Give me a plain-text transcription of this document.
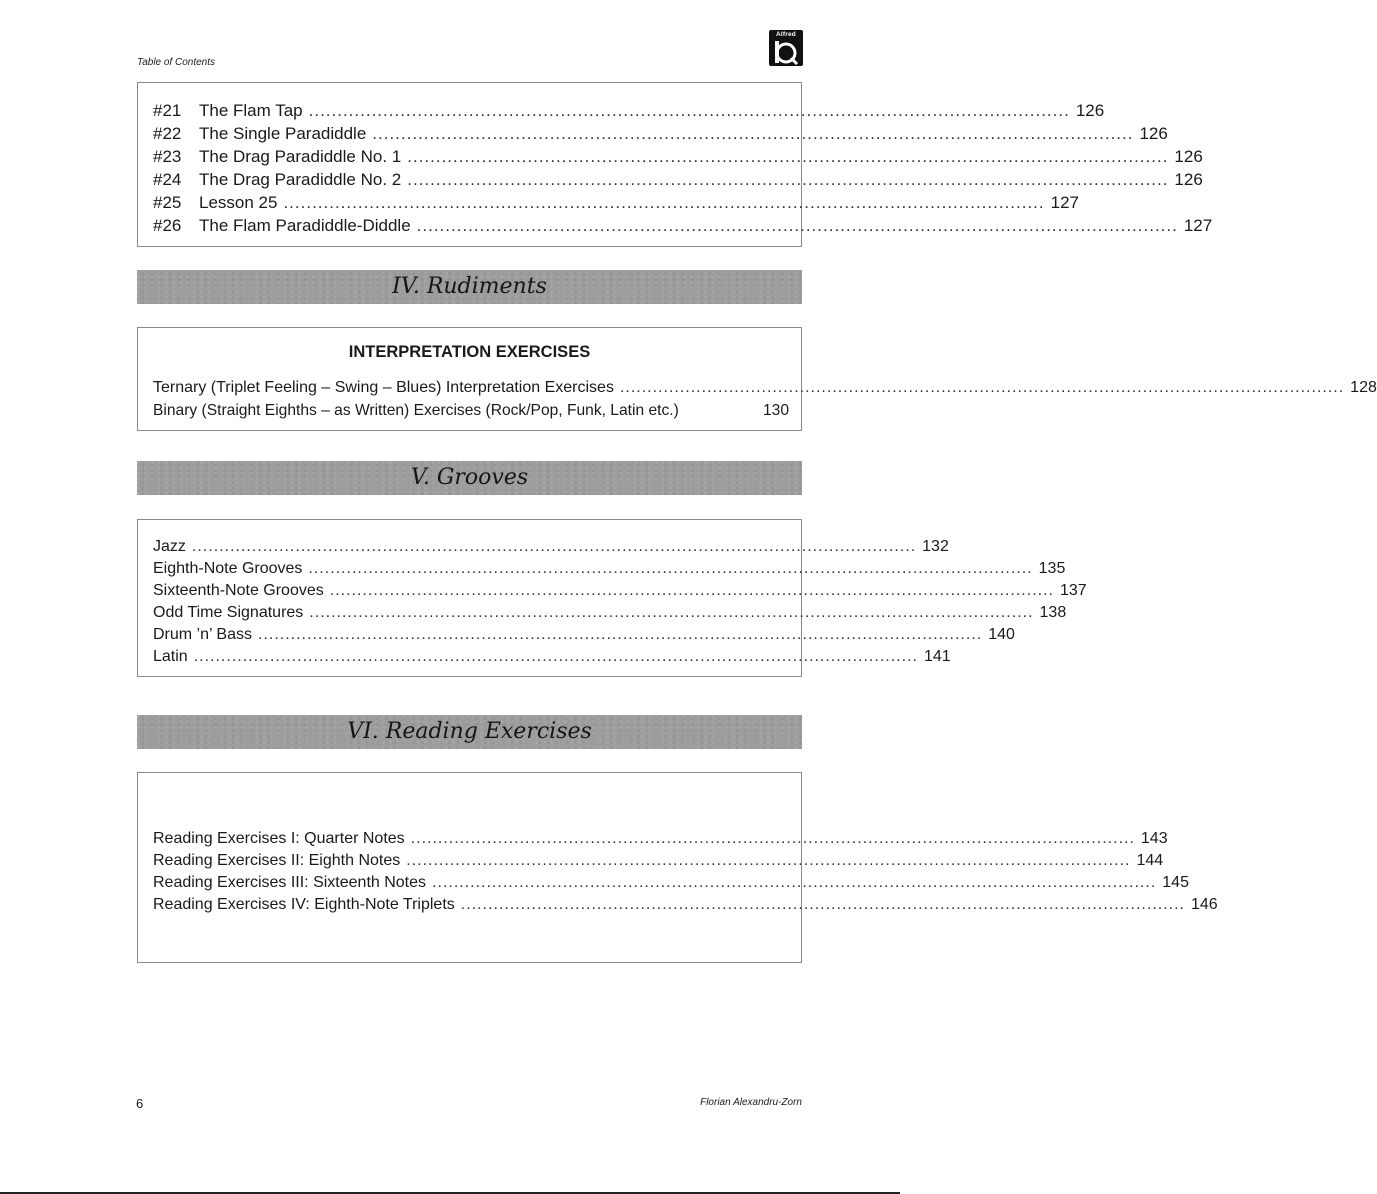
Table of Contents
Alfred
#21	The Flam Tap ..................................................................................................................................... 126
#22	The Single Paradiddle ..................................................................................................................................... 126
#23	The Drag Paradiddle No. 1 ..................................................................................................................................... 126
#24	The Drag Paradiddle No. 2 ..................................................................................................................................... 126
#25	Lesson 25 ..................................................................................................................................... 127
#26	The Flam Paradiddle-Diddle ..................................................................................................................................... 127
IV. Rudiments
INTERPRETATION EXERCISES
Ternary (Triplet Feeling – Swing – Blues) Interpretation Exercises ..................................................................................................................................... 128
Binary (Straight Eighths – as Written) Exercises (Rock/Pop, Funk, Latin etc.)	130
V. Grooves
Jazz ..................................................................................................................................... 132
Eighth-Note Grooves ..................................................................................................................................... 135
Sixteenth-Note Grooves ..................................................................................................................................... 137
Odd Time Signatures ..................................................................................................................................... 138
Drum ’n’ Bass ..................................................................................................................................... 140
Latin ..................................................................................................................................... 141
VI. Reading Exercises
Reading Exercises I: Quarter Notes ..................................................................................................................................... 143
Reading Exercises II: Eighth Notes ..................................................................................................................................... 144
Reading Exercises III: Sixteenth Notes ..................................................................................................................................... 145
Reading Exercises IV: Eighth-Note Triplets ..................................................................................................................................... 146
6	Florian Alexandru-Zorn
